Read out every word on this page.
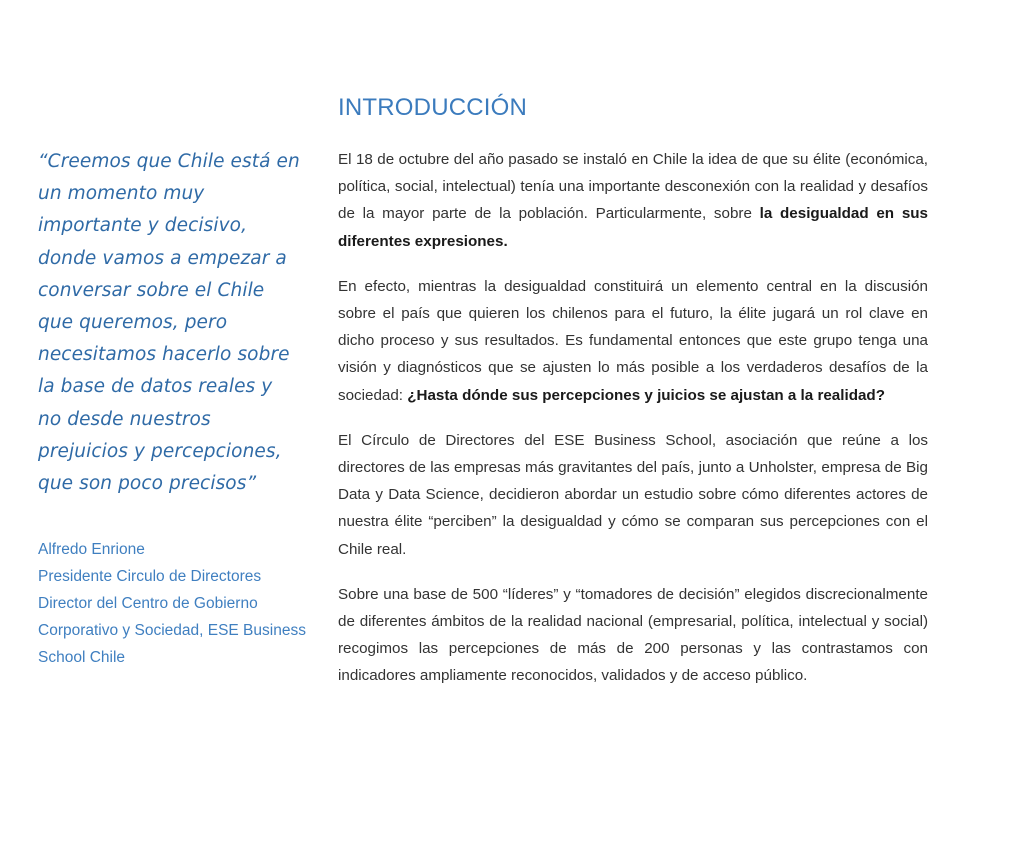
“Creemos que Chile está en un momento muy importante y decisivo, donde vamos a empezar a conversar sobre el Chile que queremos, pero necesitamos hacerlo sobre la base de datos reales y no desde nuestros prejuicios y percepciones, que son poco precisos”

Alfredo Enrione
Presidente Circulo de Directores
Director del Centro de Gobierno
Corporativo y Sociedad, ESE Business
School Chile
INTRODUCCIÓN

El 18 de octubre del año pasado se instaló en Chile la idea de que su élite (económica, política, social, intelectual) tenía una importante desconexión con la realidad y desafíos de la mayor parte de la población. Particularmente, sobre la desigualdad en sus diferentes expresiones.

En efecto, mientras la desigualdad constituirá un elemento central en la discusión sobre el país que quieren los chilenos para el futuro, la élite jugará un rol clave en dicho proceso y sus resultados. Es fundamental entonces que este grupo tenga una visión y diagnósticos que se ajusten lo más posible a los verdaderos desafíos de la sociedad: ¿Hasta dónde sus percepciones y juicios se ajustan a la realidad?

El Círculo de Directores del ESE Business School, asociación que reúne a los directores de las empresas más gravitantes del país, junto a Unholster, empresa de Big Data y Data Science, decidieron abordar un estudio sobre cómo diferentes actores de nuestra élite “perciben” la desigualdad y cómo se comparan sus percepciones con el Chile real.

Sobre una base de 500 “líderes” y “tomadores de decisión” elegidos discrecionalmente de diferentes ámbitos de la realidad nacional (empresarial, política, intelectual y social) recogimos las percepciones de más de 200 personas y las contrastamos con indicadores ampliamente reconocidos, validados y de acceso público.
